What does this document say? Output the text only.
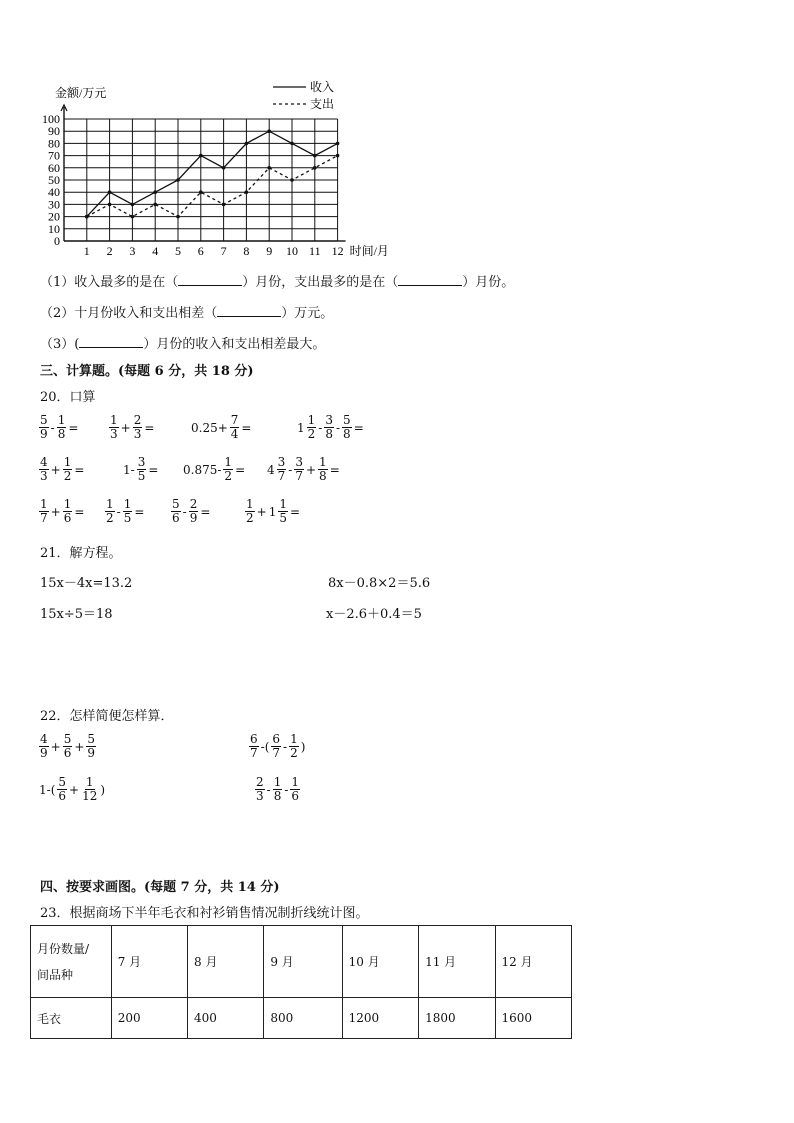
0
10
20
30
40
50
60
70
80
90
100
1 2 3 4 5 6 7 8 9 10 11 12 时间/月
金额/万元	收入
支出
（1）收入最多的是在（	）月份，支出最多的是在（	）月份。
（2）十月份收入和支出相差（	）万元。
（3）(	）月份的收入和支出相差最大。
三、计算题。(每题 6 分，共 18 分)
20．口算
$\frac{5}{9} - \frac{1}{8}$ =	$\frac{1}{3} + \frac{2}{3}$ =	$0.25+ \frac{7}{4}$ =	$1 \frac{1}{2} - \frac{3}{8} - \frac{5}{8}$ =
$\frac{4}{3} + \frac{1}{2}$ =	$1- \frac{3}{5} = 0.875- \frac{1}{2} = 4 \frac{3}{7} - \frac{3}{7} + \frac{1}{8}$ =
$\frac{1}{7} + \frac{1}{6} = \frac{1}{2} - \frac{1}{5} = \frac{5}{6} - \frac{2}{9}$ =	$\frac{1}{2} + 1 \frac{1}{5}$ =
21．解方程。
15x－4x=13.2	8x－0.8×2＝5.6
15x÷5＝18	x－2.6＋0.4＝5
22．怎样简便怎样算．
$\frac{4}{9} + \frac{5}{6} + \frac{5}{9}$	$\frac{6}{7}$ -( $\frac{6}{7} - \frac{1}{2}$ )
$1-( \frac{5}{6} + \frac{1}{12}$ )	$\frac{2}{3} - \frac{1}{8} - \frac{1}{6}$
四、按要求画图。(每题 7 分，共 14 分)
23．根据商场下半年毛衣和衬衫销售情况制折线统计图。
月份数量/
间品种	7 月	8 月	9 月	10 月	11 月	12 月
毛衣	200	400	800	1200	1800	1600
